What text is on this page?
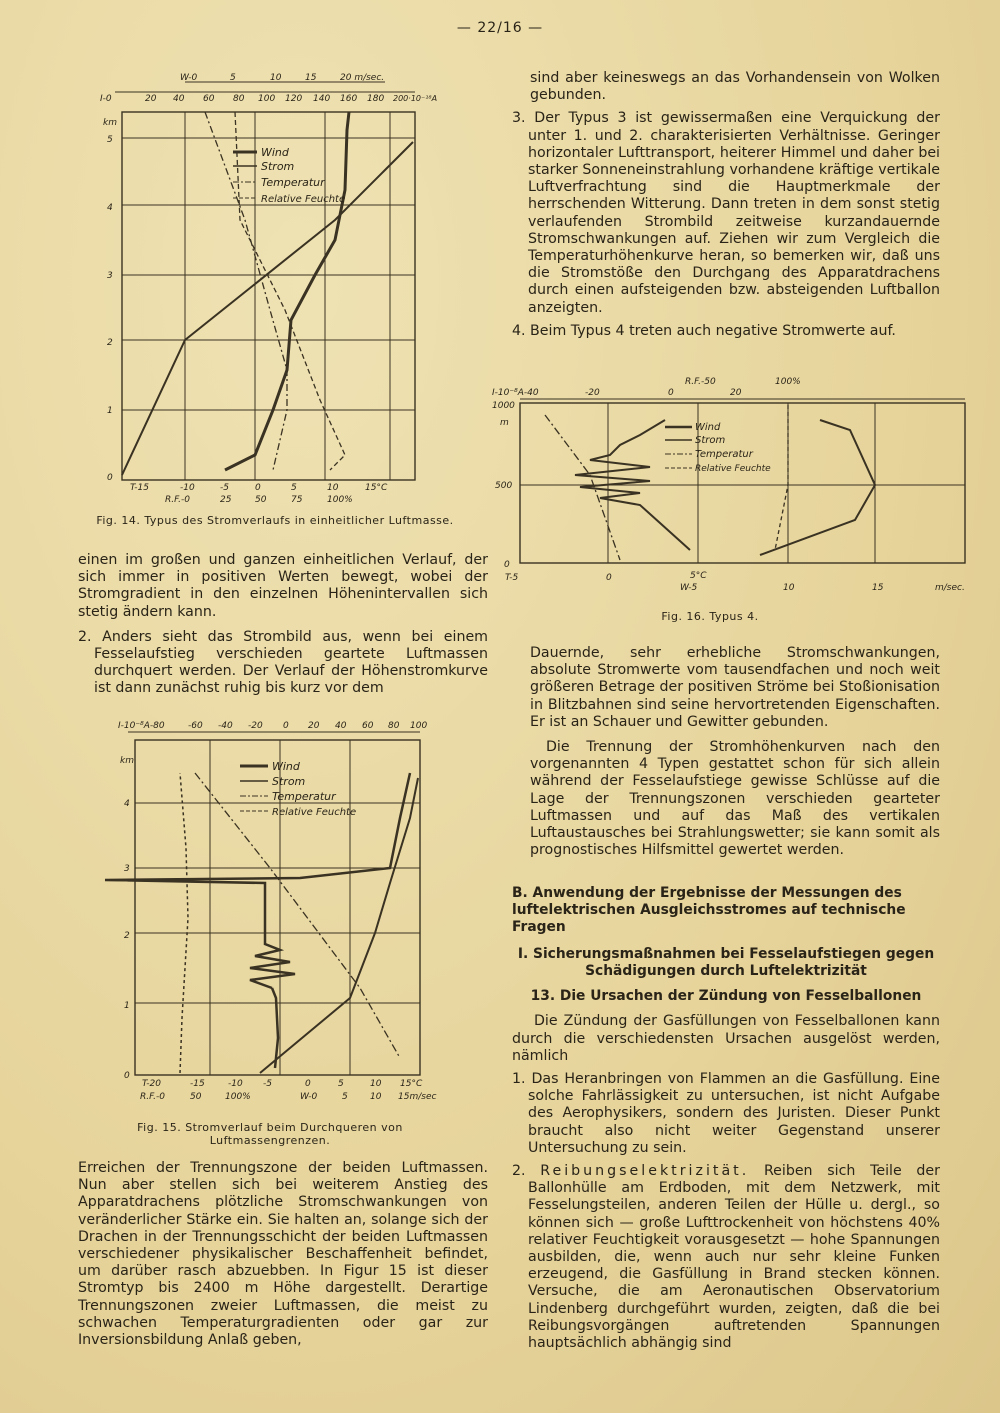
— 22/16 —
W-0	5	10	15	20 m/sec.
I-0	20 40 60 80 100 120 140 160 180 200·10⁻¹⁸A
km
0
1
2
3
4
5
T-15	-10	-5	0	5	10	15°C
R.F.-0	25	50	75	100%
Wind
Strom
Temperatur
Relative Feuchte
Fig. 14. Typus des Stromverlaufs in einheitlicher Luftmasse.

einen im großen und ganzen einheitlichen Verlauf, der sich immer in positiven Werten bewegt, wobei der Stromgradient in den einzelnen Höhenintervallen sich stetig ändern kann.

2. Anders sieht das Strombild aus, wenn bei einem Fesselaufstieg verschieden geartete Luftmassen durchquert werden. Der Verlauf der Höhenstromkurve ist dann zunächst ruhig bis kurz vor dem

I-10⁻⁸A-80	-60 -40 -20 0 20 40 60 80 100
km
0
1
2
3
4
T-20	-15	-10 -5	0	5	10 15°C
R.F.-0	50	100%	W-0	5 10 15m/sec
Wind
Strom
Temperatur
Relative Feuchte
Fig. 15. Stromverlauf beim Durchqueren von
Luftmassengrenzen.

Erreichen der Trennungszone der beiden Luftmassen. Nun aber stellen sich bei weiterem Anstieg des Apparatdrachens plötzliche Stromschwankungen von veränderlicher Stärke ein. Sie halten an, solange sich der Drachen in der Trennungsschicht der beiden Luftmassen verschiedener physikalischer Beschaffenheit befindet, um darüber rasch abzuebben. In Figur 15 ist dieser Stromtyp bis 2400 m Höhe dargestellt. Derartige Trennungszonen zweier Luftmassen, die meist zu schwachen Temperaturgradienten oder gar zur Inversionsbildung Anlaß geben,

sind aber keineswegs an das Vorhandensein von Wolken gebunden.

3. Der Typus 3 ist gewissermaßen eine Verquickung der unter 1. und 2. charakterisierten Verhältnisse. Geringer horizontaler Lufttransport, heiterer Himmel und daher bei starker Sonneneinstrahlung vorhandene kräftige vertikale Luftverfrachtung sind die Hauptmerkmale der herrschenden Witterung. Dann treten in dem sonst stetig verlaufenden Strombild zeitweise kurzandauernde Stromschwankungen auf. Ziehen wir zum Vergleich die Temperaturhöhenkurve heran, so bemerken wir, daß uns die Stromstöße den Durchgang des Apparatdrachens durch einen aufsteigenden bzw. absteigenden Luftballon anzeigten.

4. Beim Typus 4 treten auch negative Stromwerte auf.

R.F.-50	100%
I-10⁻⁸A-40	-20	0	20
m
0
500
1000
T-5	0	5°C
W-5	10	15	m/sec.
Wind
Strom
Temperatur
Relative Feuchte
Fig. 16. Typus 4.

Dauernde, sehr erhebliche Stromschwankungen, absolute Stromwerte vom tausendfachen und noch weit größeren Betrage der positiven Ströme bei Stoßionisation in Blitzbahnen sind seine hervortretenden Eigenschaften. Er ist an Schauer und Gewitter gebunden.

Die Trennung der Stromhöhenkurven nach den vorgenannten 4 Typen gestattet schon für sich allein während der Fesselaufstiege gewisse Schlüsse auf die Lage der Trennungszonen verschieden gearteter Luftmassen und auf das Maß des vertikalen Luftaustausches bei Strahlungswetter; sie kann somit als prognostisches Hilfsmittel gewertet werden.

B. Anwendung der Ergebnisse der Messungen des luftelektrischen Ausgleichsstromes auf technische Fragen
I. Sicherungsmaßnahmen bei Fesselaufstiegen gegen Schädigungen durch Luftelektrizität
13. Die Ursachen der Zündung von Fesselballonen

Die Zündung der Gasfüllungen von Fesselballonen kann durch die verschiedensten Ursachen ausgelöst werden, nämlich

1. Das Heranbringen von Flammen an die Gasfüllung. Eine solche Fahrlässigkeit zu untersuchen, ist nicht Aufgabe des Aerophysikers, sondern des Juristen. Dieser Punkt braucht also nicht weiter Gegenstand unserer Untersuchung zu sein.

2. Reibungselektrizität. Reiben sich Teile der Ballonhülle am Erdboden, mit dem Netzwerk, mit Fesselungsteilen, anderen Teilen der Hülle u. dergl., so können sich — große Lufttrockenheit von höchstens 40% relativer Feuchtigkeit vorausgesetzt — hohe Spannungen ausbilden, die, wenn auch nur sehr kleine Funken erzeugend, die Gasfüllung in Brand stecken können. Versuche, die am Aeronautischen Observatorium Lindenberg durchgeführt wurden, zeigten, daß die bei Reibungsvorgängen auftretenden Spannungen hauptsächlich abhängig sind
